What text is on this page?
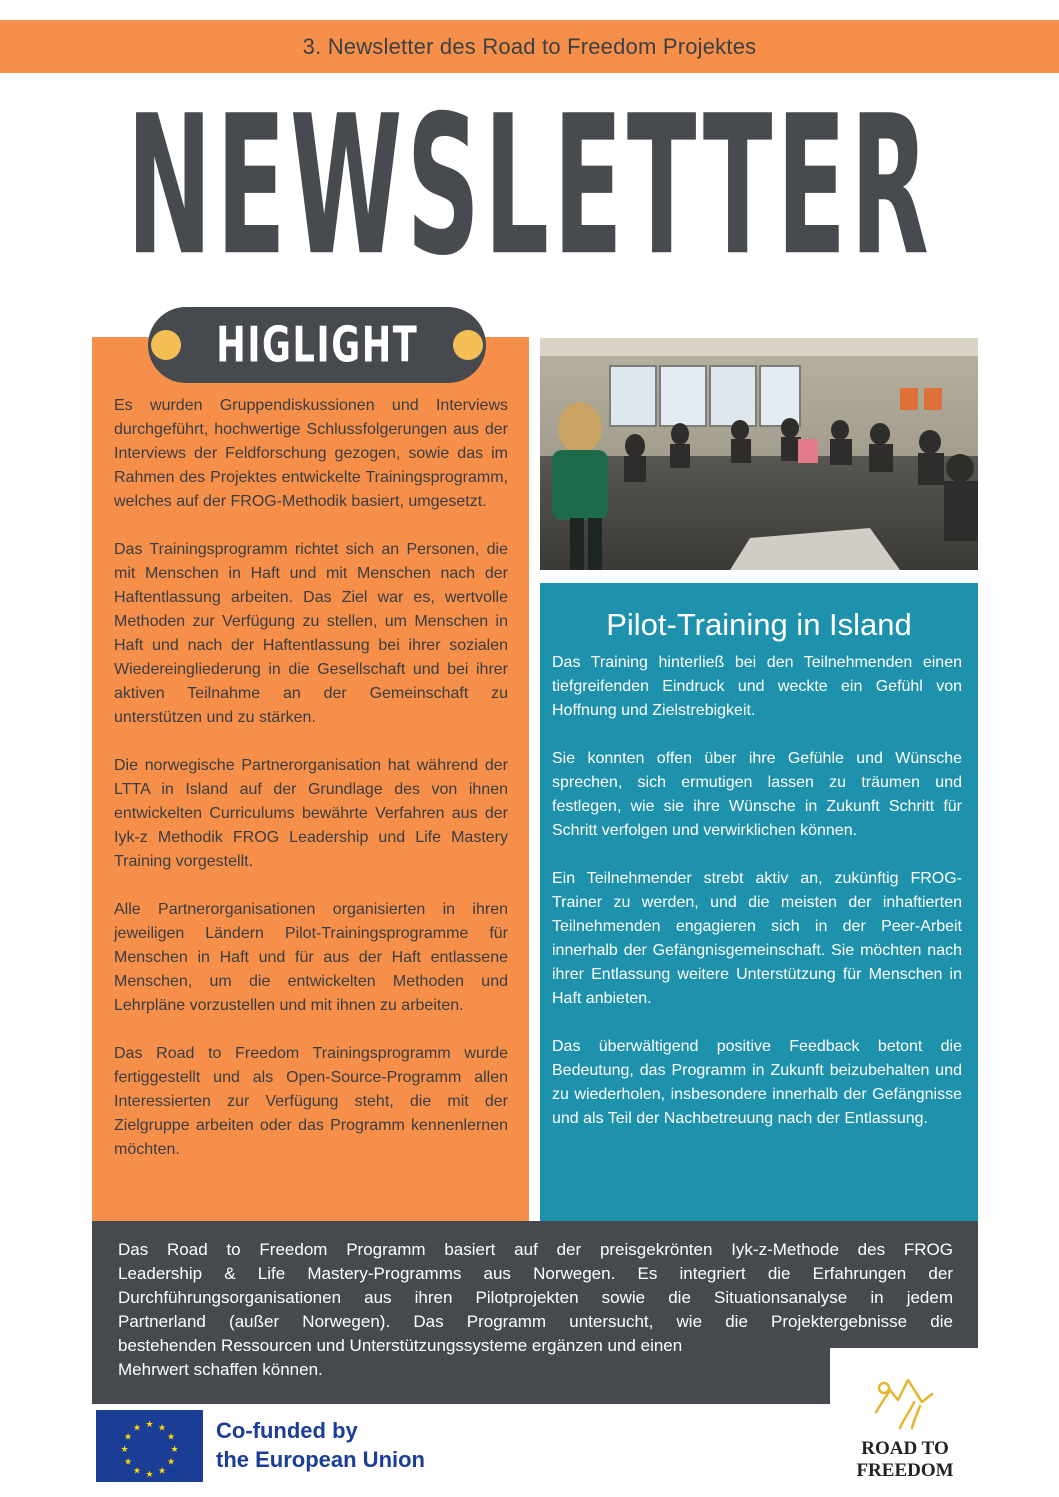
3. Newsletter des Road to Freedom Projektes
NEWSLETTER
HIGLIGHT

Es wurden Gruppendiskussionen und Interviews durchgeführt, hochwertige Schlussfolgerungen aus der Interviews der Feldforschung gezogen, sowie das im Rahmen des Projektes entwickelte Trainingsprogramm, welches auf der FROG-Methodik basiert, umgesetzt.

Das Trainingsprogramm richtet sich an Personen, die mit Menschen in Haft und mit Menschen nach der Haftentlassung arbeiten. Das Ziel war es, wertvolle Methoden zur Verfügung zu stellen, um Menschen in Haft und nach der Haftentlassung bei ihrer sozialen Wiedereingliederung in die Gesellschaft und bei ihrer aktiven Teilnahme an der Gemeinschaft zu unterstützen und zu stärken.

Die norwegische Partnerorganisation hat während der LTTA in Island auf der Grundlage des von ihnen entwickelten Curriculums bewährte Verfahren aus der Iyk-z Methodik FROG Leadership und Life Mastery Training vorgestellt.

Alle Partnerorganisationen organisierten in ihren jeweiligen Ländern Pilot-Trainingsprogramme für Menschen in Haft und für aus der Haft entlassene Menschen, um die entwickelten Methoden und Lehrpläne vorzustellen und mit ihnen zu arbeiten.

Das Road to Freedom Trainingsprogramm wurde fertiggestellt und als Open-Source-Programm allen Interessierten zur Verfügung steht, die mit der Zielgruppe arbeiten oder das Programm kennenlernen möchten.

Pilot-Training in Island

Das Training hinterließ bei den Teilnehmenden einen tiefgreifenden Eindruck und weckte ein Gefühl von Hoffnung und Zielstrebigkeit.

Sie konnten offen über ihre Gefühle und Wünsche sprechen, sich ermutigen lassen zu träumen und festlegen, wie sie ihre Wünsche in Zukunft Schritt für Schritt verfolgen und verwirklichen können.

Ein Teilnehmender strebt aktiv an, zukünftig FROG-Trainer zu werden, und die meisten der inhaftierten Teilnehmenden engagieren sich in der Peer-Arbeit innerhalb der Gefängnisgemeinschaft. Sie möchten nach ihrer Entlassung weitere Unterstützung für Menschen in Haft anbieten.

Das überwältigend positive Feedback betont die Bedeutung, das Programm in Zukunft beizubehalten und zu wiederholen, insbesondere innerhalb der Gefängnisse und als Teil der Nachbetreuung nach der Entlassung.

Das Road to Freedom Programm basiert auf der preisgekrönten Iyk-z-Methode des FROG
Leadership & Life Mastery-Programms aus Norwegen. Es integriert die Erfahrungen der
Durchführungsorganisationen aus ihren Pilotprojekten sowie die Situationsanalyse in jedem
Partnerland (außer Norwegen). Das Programm untersucht, wie die Projektergebnisse die
bestehenden Ressourcen und Unterstützungssysteme ergänzen und einen
Mehrwert schaffen können.
★ ★
★
★
★
★
★
★
★
★
★
★	Co-funded by
the European Union	ROAD TO
FREEDOM
